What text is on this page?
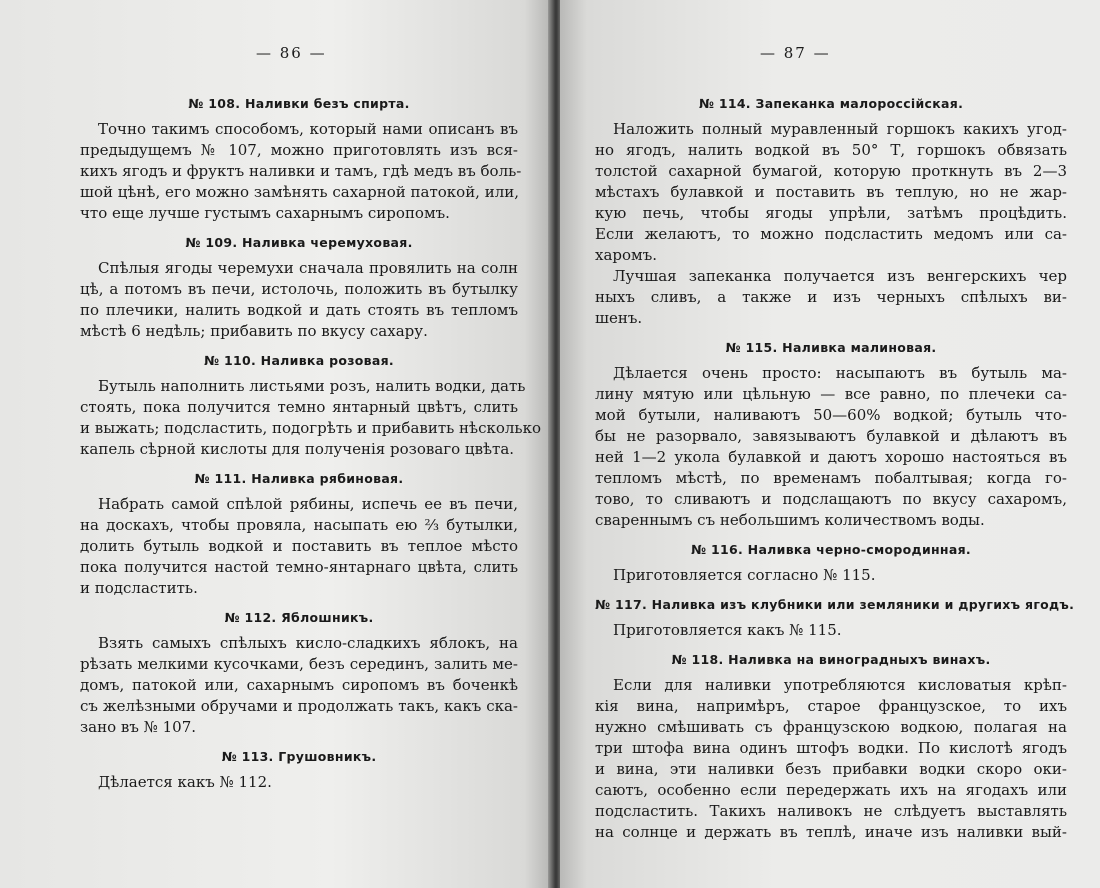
— 86 —
№ 108. Наливки безъ спирта.
Точно такимъ способомъ, который нами описанъ въ
предыдущемъ № 107, можно приготовлять изъ вся-
кихъ ягодъ и фруктъ наливки и тамъ, гдѣ медъ въ боль-
шой цѣнѣ, его можно замѣнять сахарной патокой, или,
что еще лучше густымъ сахарнымъ сиропомъ.
№ 109. Наливка черемуховая.
Спѣлыя ягоды черемухи сначала провялить на солн
цѣ, а потомъ въ печи, истолочь, положить въ бутылку
по плечики, налить водкой и дать стоять въ тепломъ
мѣстѣ 6 недѣль; прибавить по вкусу сахару.
№ 110. Наливка розовая.
Бутыль наполнить листьями розъ, налить водки, дать
стоять, пока получится темно янтарный цвѣтъ, слить
и выжать; подсластить, подогрѣть и прибавить нѣсколько
капель сѣрной кислоты для полученія розоваго цвѣта.
№ 111. Наливка рябиновая.
Набрать самой спѣлой рябины, испечь ее въ печи,
на доскахъ, чтобы провяла, насыпать ею ⅔ бутылки,
долить бутыль водкой и поставить въ теплое мѣсто
пока получится настой темно-янтарнаго цвѣта, слить
и подсластить.
№ 112. Яблошникъ.
Взять самыхъ спѣлыхъ кисло-сладкихъ яблокъ, на
рѣзать мелкими кусочками, безъ серединъ, залить ме-
домъ, патокой или, сахарнымъ сиропомъ въ боченкѣ
съ желѣзными обручами и продолжать такъ, какъ ска-
зано въ № 107.
№ 113. Грушовникъ.
Дѣлается какъ № 112.
— 87 —
№ 114. Запеканка малороссійская.
Наложить полный муравленный горшокъ какихъ угод-
но ягодъ, налить водкой въ 50° Т, горшокъ обвязать
толстой сахарной бумагой, которую проткнуть въ 2—3
мѣстахъ булавкой и поставить въ теплую, но не жар-
кую печь, чтобы ягоды упрѣли, затѣмъ процѣдить.
Если желаютъ, то можно подсластить медомъ или са-
харомъ.
Лучшая запеканка получается изъ венгерскихъ чер
ныхъ сливъ, а также и изъ черныхъ спѣлыхъ ви-
шенъ.
№ 115. Наливка малиновая.
Дѣлается очень просто: насыпаютъ въ бутыль ма-
лину мятую или цѣльную — все равно, по плечеки са-
мой бутыли, наливаютъ 50—60% водкой; бутыль что-
бы не разорвало, завязываютъ булавкой и дѣлаютъ въ
ней 1—2 укола булавкой и даютъ хорошо настояться въ
тепломъ мѣстѣ, по временамъ побалтывая; когда го-
тово, то сливаютъ и подслащаютъ по вкусу сахаромъ,
свареннымъ съ небольшимъ количествомъ воды.
№ 116. Наливка черно-смородинная.
Приготовляется согласно № 115.
№ 117. Наливка изъ клубники или земляники и другихъ ягодъ.
Приготовляется какъ № 115.
№ 118. Наливка на виноградныхъ винахъ.
Если для наливки употребляются кисловатыя крѣп-
кія вина, напримѣръ, старое французское, то ихъ
нужно смѣшивать съ французскою водкою, полагая на
три штофа вина одинъ штофъ водки. По кислотѣ ягодъ
и вина, эти наливки безъ прибавки водки скоро оки-
саютъ, особенно если передержать ихъ на ягодахъ или
подсластить. Такихъ наливокъ не слѣдуетъ выставлять
на солнце и держать въ теплѣ, иначе изъ наливки вый-
